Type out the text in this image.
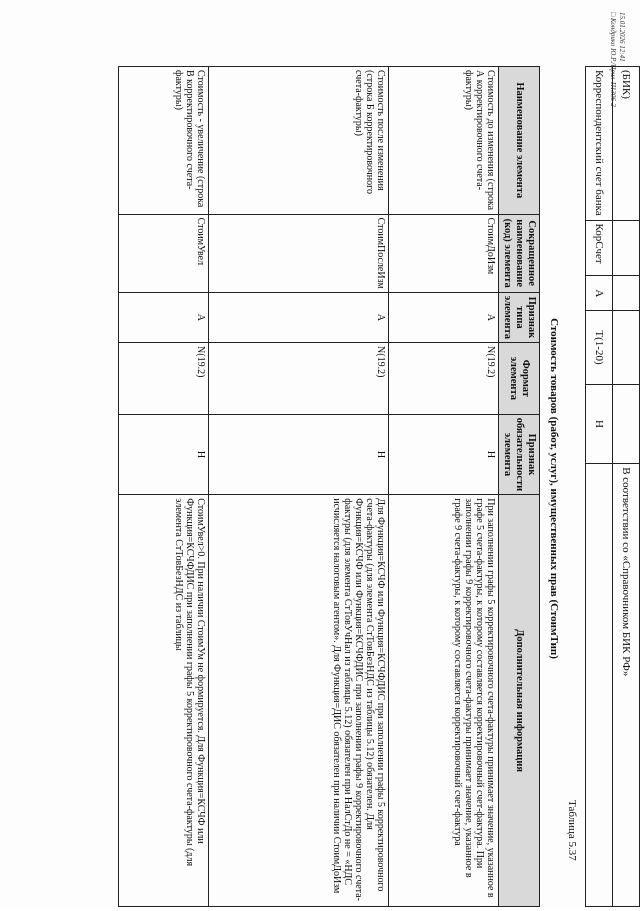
15.01.2026 12:41
□ Кондрико Ю.Р./Прил-П1306-2 (БИК)					В соответствии со «Справочником БИК РФ»
Корреспондентский счет банка	КорСчет	А	T(1-20)	Н	
Таблица 5.37
Стоимость товаров (работ, услуг), имущественных прав (СтоимТип)
Наименование элемента	Сокращенное наименование (код) элемента	Признак типа элемента	Формат элемента	Признак обязательности элемента	Дополнительная информация
Стоимость до изменения (строка А корректировочного счета-фактуры)	СтоимДоИзм	А	N(19.2)	Н	При заполнении графы 5 корректировочного счета-фактуры принимает значение, указанное в графе 5 счета-фактуры, к которому составляется корректировочный счет-фактура. При заполнении графы 9 корректировочного счета-фактуры принимает значение, указанное в графе 9 счета-фактуры, к которому составляется корректировочный счет-фактура
Стоимость после изменения (строка Б корректировочного счета-фактуры)	СтоимПослеИзм	А	N(19.2)	Н	Для Функция=КСЧФ или Функция=КСЧФДИС при заполнении графы 5 корректировочного счета-фактуры (для элемента СтТовБезНДС из таблицы 5.12) обязателен. Для Функция=КСЧФ или Функция=КСЧФДИС при заполнении графы 9 корректировочного счета-фактуры (для элемента СтТовУчНал из таблицы 5.12) обязателен при НалСтДо не = «НДС исчисляется налоговым агентом». Для Функция=ДИС обязателен при наличии СтоимДоИзм
Стоимость - увеличение (строка В корректировочного счета-фактуры)	СтоимУвел	А	N(19.2)	Н	СтоимУвел>0. При наличии СтоимУм не формируется. Для Функция=КСЧФ или Функция=КСЧФДИС при заполнении графы 5 корректировочного счета-фактуры (для элемента СтТовБезНДС из таблицы
